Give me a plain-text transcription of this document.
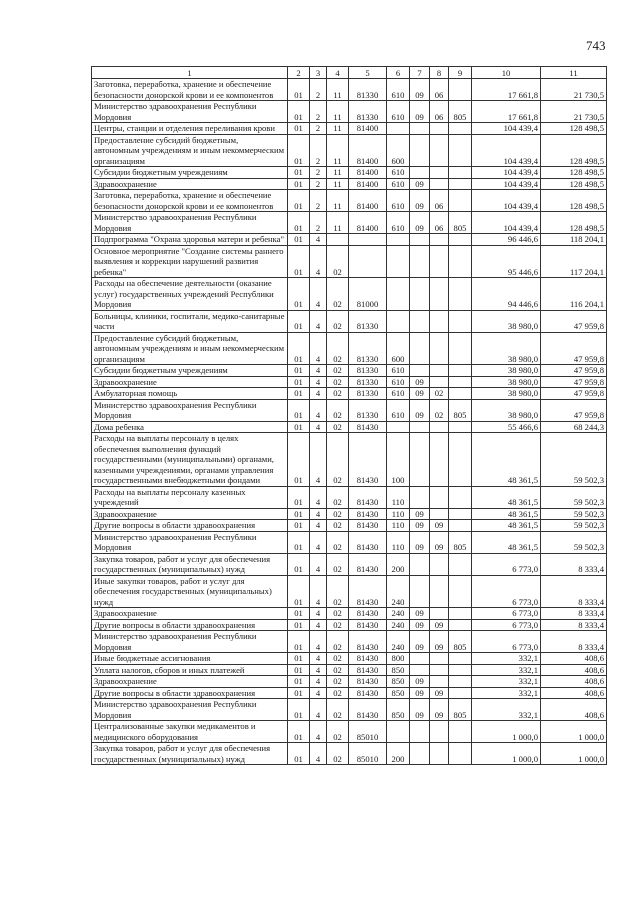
743
1	2	3	4	5	6	7	8	9	10	11
Заготовка, переработка, хранение и обеспечение безопасности донорской крови и ее компонентов	01	2	11	81330	610	09	06		17 661,8	21 730,5
Министерство здравоохранения Республики Мордовия	01	2	11	81330	610	09	06	805	17 661,8	21 730,5
Центры, станции и отделения переливания крови	01	2	11	81400					104 439,4	128 498,5
Предоставление субсидий бюджетным, автономным учреждениям и иным некоммерческим организациям	01	2	11	81400	600				104 439,4	128 498,5
Субсидии бюджетным учреждениям	01	2	11	81400	610				104 439,4	128 498,5
Здравоохранение	01	2	11	81400	610	09			104 439,4	128 498,5
Заготовка, переработка, хранение и обеспечение безопасности донорской крови и ее компонентов	01	2	11	81400	610	09	06		104 439,4	128 498,5
Министерство здравоохранения Республики Мордовия	01	2	11	81400	610	09	06	805	104 439,4	128 498,5
Подпрограмма "Охрана здоровья матери и ребенка"	01	4							96 446,6	118 204,1
Основное мероприятие "Создание системы раннего выявления и коррекции нарушений развития ребенка"	01	4	02						95 446,6	117 204,1
Расходы на обеспечение деятельности (оказание услуг) государственных учреждений Республики Мордовия	01	4	02	81000					94 446,6	116 204,1
Больницы, клиники, госпитали, медико-санитарные части	01	4	02	81330					38 980,0	47 959,8
Предоставление субсидий бюджетным, автономным учреждениям и иным некоммерческим организациям	01	4	02	81330	600				38 980,0	47 959,8
Субсидии бюджетным учреждениям	01	4	02	81330	610				38 980,0	47 959,8
Здравоохранение	01	4	02	81330	610	09			38 980,0	47 959,8
Амбулаторная помощь	01	4	02	81330	610	09	02		38 980,0	47 959,8
Министерство здравоохранения Республики Мордовия	01	4	02	81330	610	09	02	805	38 980,0	47 959,8
Дома ребенка	01	4	02	81430					55 466,6	68 244,3
Расходы на выплаты персоналу в целях обеспечения выполнения функций государственными (муниципальными) органами, казенными учреждениями, органами управления государственными внебюджетными фондами	01	4	02	81430	100				48 361,5	59 502,3
Расходы на выплаты персоналу казенных учреждений	01	4	02	81430	110				48 361,5	59 502,3
Здравоохранение	01	4	02	81430	110	09			48 361,5	59 502,3
Другие вопросы в области здравоохранения	01	4	02	81430	110	09	09		48 361,5	59 502,3
Министерство здравоохранения Республики Мордовия	01	4	02	81430	110	09	09	805	48 361,5	59 502,3
Закупка товаров, работ и услуг для обеспечения государственных (муниципальных) нужд	01	4	02	81430	200				6 773,0	8 333,4
Иные закупки товаров, работ и услуг для обеспечения государственных (муниципальных) нужд	01	4	02	81430	240				6 773,0	8 333,4
Здравоохранение	01	4	02	81430	240	09			6 773,0	8 333,4
Другие вопросы в области здравоохранения	01	4	02	81430	240	09	09		6 773,0	8 333,4
Министерство здравоохранения Республики Мордовия	01	4	02	81430	240	09	09	805	6 773,0	8 333,4
Иные бюджетные ассигнования	01	4	02	81430	800				332,1	408,6
Уплата налогов, сборов и иных платежей	01	4	02	81430	850				332,1	408,6
Здравоохранение	01	4	02	81430	850	09			332,1	408,6
Другие вопросы в области здравоохранения	01	4	02	81430	850	09	09		332,1	408,6
Министерство здравоохранения Республики Мордовия	01	4	02	81430	850	09	09	805	332,1	408,6
Централизованные закупки медикаментов и медицинского оборудования	01	4	02	85010					1 000,0	1 000,0
Закупка товаров, работ и услуг для обеспечения государственных (муниципальных) нужд	01	4	02	85010	200				1 000,0	1 000,0
